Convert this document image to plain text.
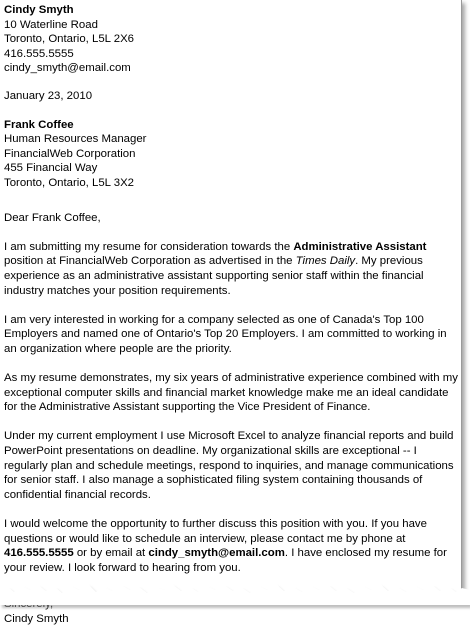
Cindy Smyth
10 Waterline Road
Toronto, Ontario, L5L 2X6
416.555.5555
cindy_smyth@email.com
January 23, 2010
Frank Coffee
Human Resources Manager
FinancialWeb Corporation
455 Financial Way
Toronto, Ontario, L5L 3X2
Dear Frank Coffee,

I am submitting my resume for consideration towards the Administrative Assistant position at FinancialWeb Corporation as advertised in the Times Daily. My previous experience as an administrative assistant supporting senior staff within the financial industry matches your position requirements.

I am very interested in working for a company selected as one of Canada's Top 100 Employers and named one of Ontario's Top 20 Employers. I am committed to working in an organization where people are the priority.

As my resume demonstrates, my six years of administrative experience combined with my exceptional computer skills and financial market knowledge make me an ideal candidate for the Administrative Assistant supporting the Vice President of Finance.

Under my current employment I use Microsoft Excel to analyze financial reports and build PowerPoint presentations on deadline. My organizational skills are exceptional -- I regularly plan and schedule meetings, respond to inquiries, and manage communications for senior staff. I also manage a sophisticated filing system containing thousands of confidential financial records.

I would welcome the opportunity to further discuss this position with you. If you have questions or would like to schedule an interview, please contact me by phone at 416.555.5555 or by email at cindy_smyth@email.com. I have enclosed my resume for your review. I look forward to hearing from you.

Cindy Smyth
